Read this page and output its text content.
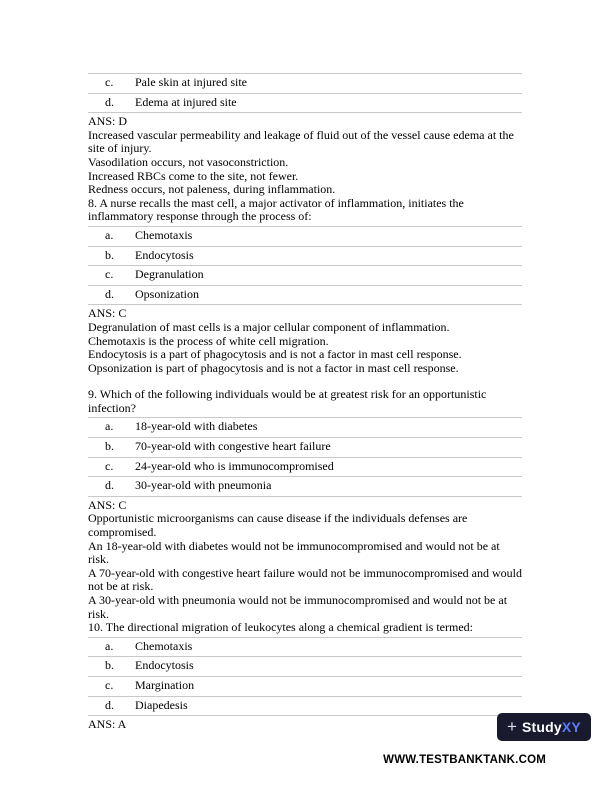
c.	Pale skin at injured site
d.	Edema at injured site

ANS: D

Increased vascular permeability and leakage of fluid out of the vessel cause edema at the site of injury.

Vasodilation occurs, not vasoconstriction.

Increased RBCs come to the site, not fewer.

Redness occurs, not paleness, during inflammation.

8. A nurse recalls the mast cell, a major activator of inflammation, initiates the inflammatory response through the process of:

a.	Chemotaxis
b.	Endocytosis
c.	Degranulation
d.	Opsonization

ANS: C

Degranulation of mast cells is a major cellular component of inflammation.

Chemotaxis is the process of white cell migration.

Endocytosis is a part of phagocytosis and is not a factor in mast cell response.

Opsonization is part of phagocytosis and is not a factor in mast cell response.

9. Which of the following individuals would be at greatest risk for an opportunistic infection?

a.	18-year-old with diabetes
b.	70-year-old with congestive heart failure
c.	24-year-old who is immunocompromised
d.	30-year-old with pneumonia

ANS: C

Opportunistic microorganisms can cause disease if the individuals defenses are compromised.

An 18-year-old with diabetes would not be immunocompromised and would not be at risk.

A 70-year-old with congestive heart failure would not be immunocompromised and would not be at risk.

A 30-year-old with pneumonia would not be immunocompromised and would not be at risk.

10. The directional migration of leukocytes along a chemical gradient is termed:

a.	Chemotaxis
b.	Endocytosis
c.	Margination
d.	Diapedesis

ANS: A	+ StudyXY
WWW.TESTBANKTANK.COM
